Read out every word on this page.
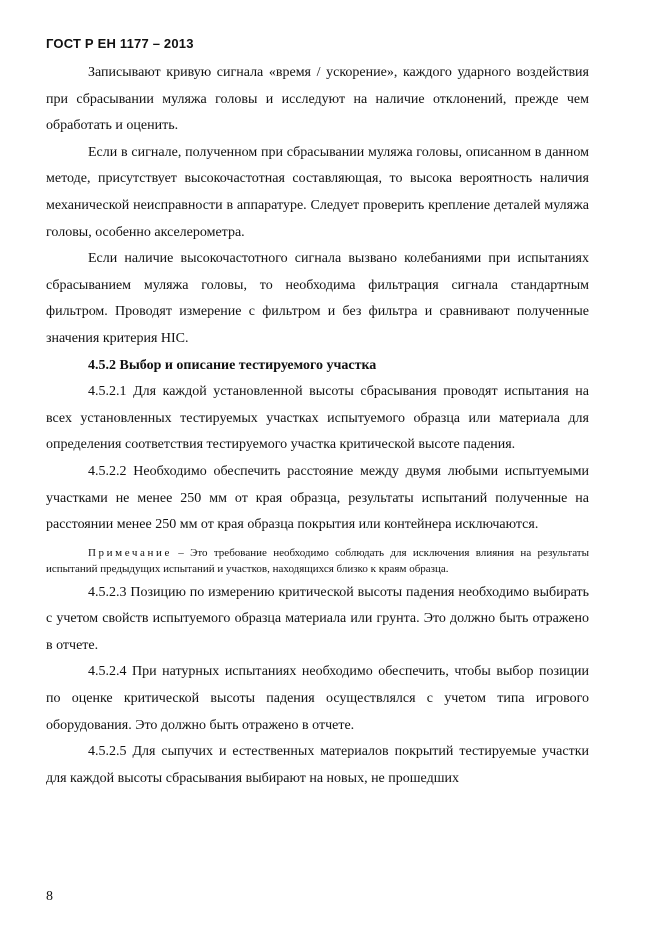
ГОСТ Р ЕН 1177 – 2013

Записывают кривую сигнала «время / ускорение», каждого ударного воздействия при сбрасывании муляжа головы и исследуют на наличие отклонений, прежде чем обработать и оценить.

Если в сигнале, полученном при сбрасывании муляжа головы, описанном в данном методе, присутствует высокочастотная составляющая, то высока вероятность наличия механической неисправности в аппаратуре. Следует проверить крепление деталей муляжа головы, особенно акселерометра.

Если наличие высокочастотного сигнала вызвано колебаниями при испытаниях сбрасыванием муляжа головы, то необходима фильтрация сигнала стандартным фильтром. Проводят измерение с фильтром и без фильтра и сравнивают полученные значения критерия HIC.

4.5.2 Выбор и описание тестируемого участка

4.5.2.1 Для каждой установленной высоты сбрасывания проводят испытания на всех установленных тестируемых участках испытуемого образца или материала для определения соответствия тестируемого участка критической высоте падения.

4.5.2.2 Необходимо обеспечить расстояние между двумя любыми испытуемыми участками не менее 250 мм от края образца, результаты испытаний полученные на расстоянии менее 250 мм от края образца покрытия или контейнера исключаются.

Примечание – Это требование необходимо соблюдать для исключения влияния на результаты испытаний предыдущих испытаний и участков, находящихся близко к краям образца.

4.5.2.3 Позицию по измерению критической высоты падения необходимо выбирать с учетом свойств испытуемого образца материала или грунта. Это должно быть отражено в отчете.

4.5.2.4 При натурных испытаниях необходимо обеспечить, чтобы выбор позиции по оценке критической высоты падения осуществлялся с учетом типа игрового оборудования. Это должно быть отражено в отчете.

4.5.2.5 Для сыпучих и естественных материалов покрытий тестируемые участки для каждой высоты сбрасывания выбирают на новых, не прошедших

8
